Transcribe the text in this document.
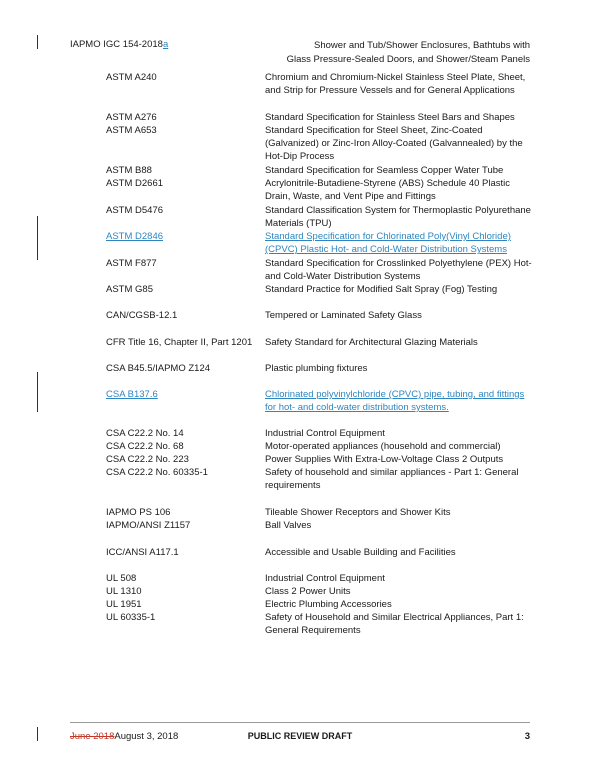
IAPMO IGC 154-2018a	Shower and Tub/Shower Enclosures, Bathtubs with
Glass Pressure-Sealed Doors, and Shower/Steam Panels
ASTM A240	Chromium and Chromium-Nickel Stainless Steel Plate, Sheet, and Strip for Pressure Vessels and for General Applications
ASTM A276	Standard Specification for Stainless Steel Bars and Shapes
ASTM A653	Standard Specification for Steel Sheet, Zinc-Coated (Galvanized) or Zinc-Iron Alloy-Coated (Galvannealed) by the Hot-Dip Process
ASTM B88	Standard Specification for Seamless Copper Water Tube
ASTM D2661	Acrylonitrile-Butadiene-Styrene (ABS) Schedule 40 Plastic Drain, Waste, and Vent Pipe and Fittings
ASTM D5476	Standard Classification System for Thermoplastic Polyurethane Materials (TPU)
ASTM D2846	Standard Specification for Chlorinated Poly(Vinyl Chloride) (CPVC) Plastic Hot- and Cold-Water Distribution Systems
ASTM F877	Standard Specification for Crosslinked Polyethylene (PEX) Hot- and Cold-Water Distribution Systems
ASTM G85	Standard Practice for Modified Salt Spray (Fog) Testing
CAN/CGSB-12.1	Tempered or Laminated Safety Glass
CFR Title 16, Chapter II, Part 1201	Safety Standard for Architectural Glazing Materials
CSA B45.5/IAPMO Z124	Plastic plumbing fixtures
CSA B137.6	Chlorinated polyvinylchloride (CPVC) pipe, tubing, and fittings for hot- and cold-water distribution systems.
CSA C22.2 No. 14	Industrial Control Equipment
CSA C22.2 No. 68	Motor-operated appliances (household and commercial)
CSA C22.2 No. 223	Power Supplies With Extra-Low-Voltage Class 2 Outputs
CSA C22.2 No. 60335-1	Safety of household and similar appliances - Part 1: General requirements
IAPMO PS 106	Tileable Shower Receptors and Shower Kits
IAPMO/ANSI Z1157	Ball Valves
ICC/ANSI A117.1	Accessible and Usable Building and Facilities
UL 508	Industrial Control Equipment
UL 1310	Class 2 Power Units
UL 1951	Electric Plumbing Accessories
UL 60335-1	Safety of Household and Similar Electrical Appliances, Part 1: General Requirements
June 2018August 3, 2018	PUBLIC REVIEW DRAFT	3
